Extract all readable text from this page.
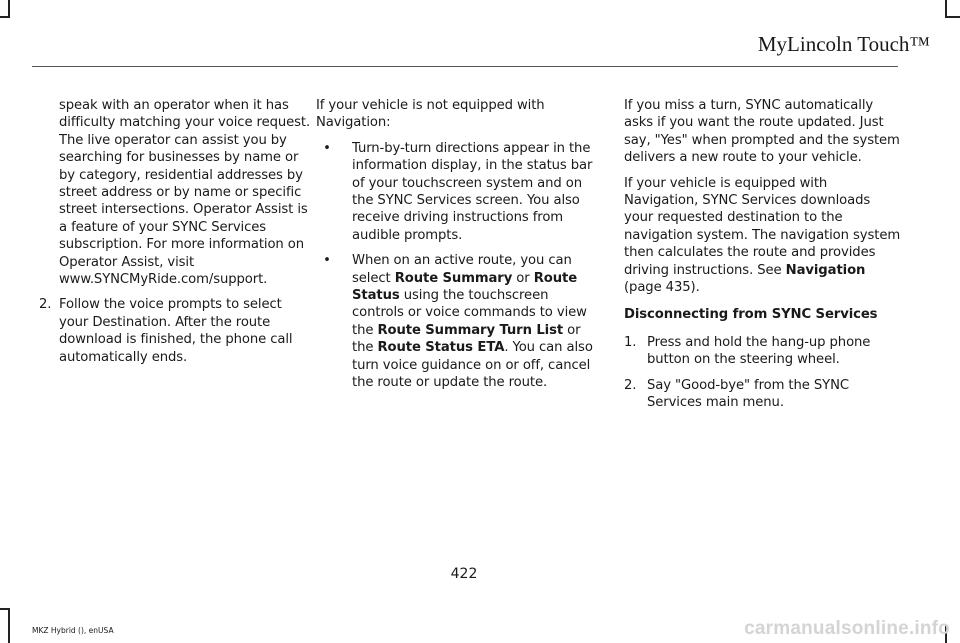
MyLincoln Touch™

speak with an operator when it has difficulty matching your voice request. The live operator can assist you by searching for businesses by name or by category, residential addresses by street address or by name or specific street intersections. Operator Assist is a feature of your SYNC Services subscription. For more information on Operator Assist, visit www.SYNCMyRide.com/support.

2. Follow the voice prompts to select your Destination. After the route download is finished, the phone call automatically ends.

If your vehicle is not equipped with Navigation:

•	Turn-by-turn directions appear in the information display, in the status bar of your touchscreen system and on the SYNC Services screen. You also receive driving instructions from audible prompts.
•	When on an active route, you can select Route Summary or Route Status using the touchscreen controls or voice commands to view the Route Summary Turn List or the Route Status ETA. You can also turn voice guidance on or off, cancel the route or update the route.

If you miss a turn, SYNC automatically asks if you want the route updated. Just say, "Yes" when prompted and the system delivers a new route to your vehicle.

If your vehicle is equipped with Navigation, SYNC Services downloads your requested destination to the navigation system. The navigation system then calculates the route and provides driving instructions. See Navigation (page 435).

Disconnecting from SYNC Services

1. Press and hold the hang-up phone button on the steering wheel.
2. Say "Good-bye" from the SYNC Services main menu.
422
MKZ Hybrid (), enUSA	carmanualsonline.info
